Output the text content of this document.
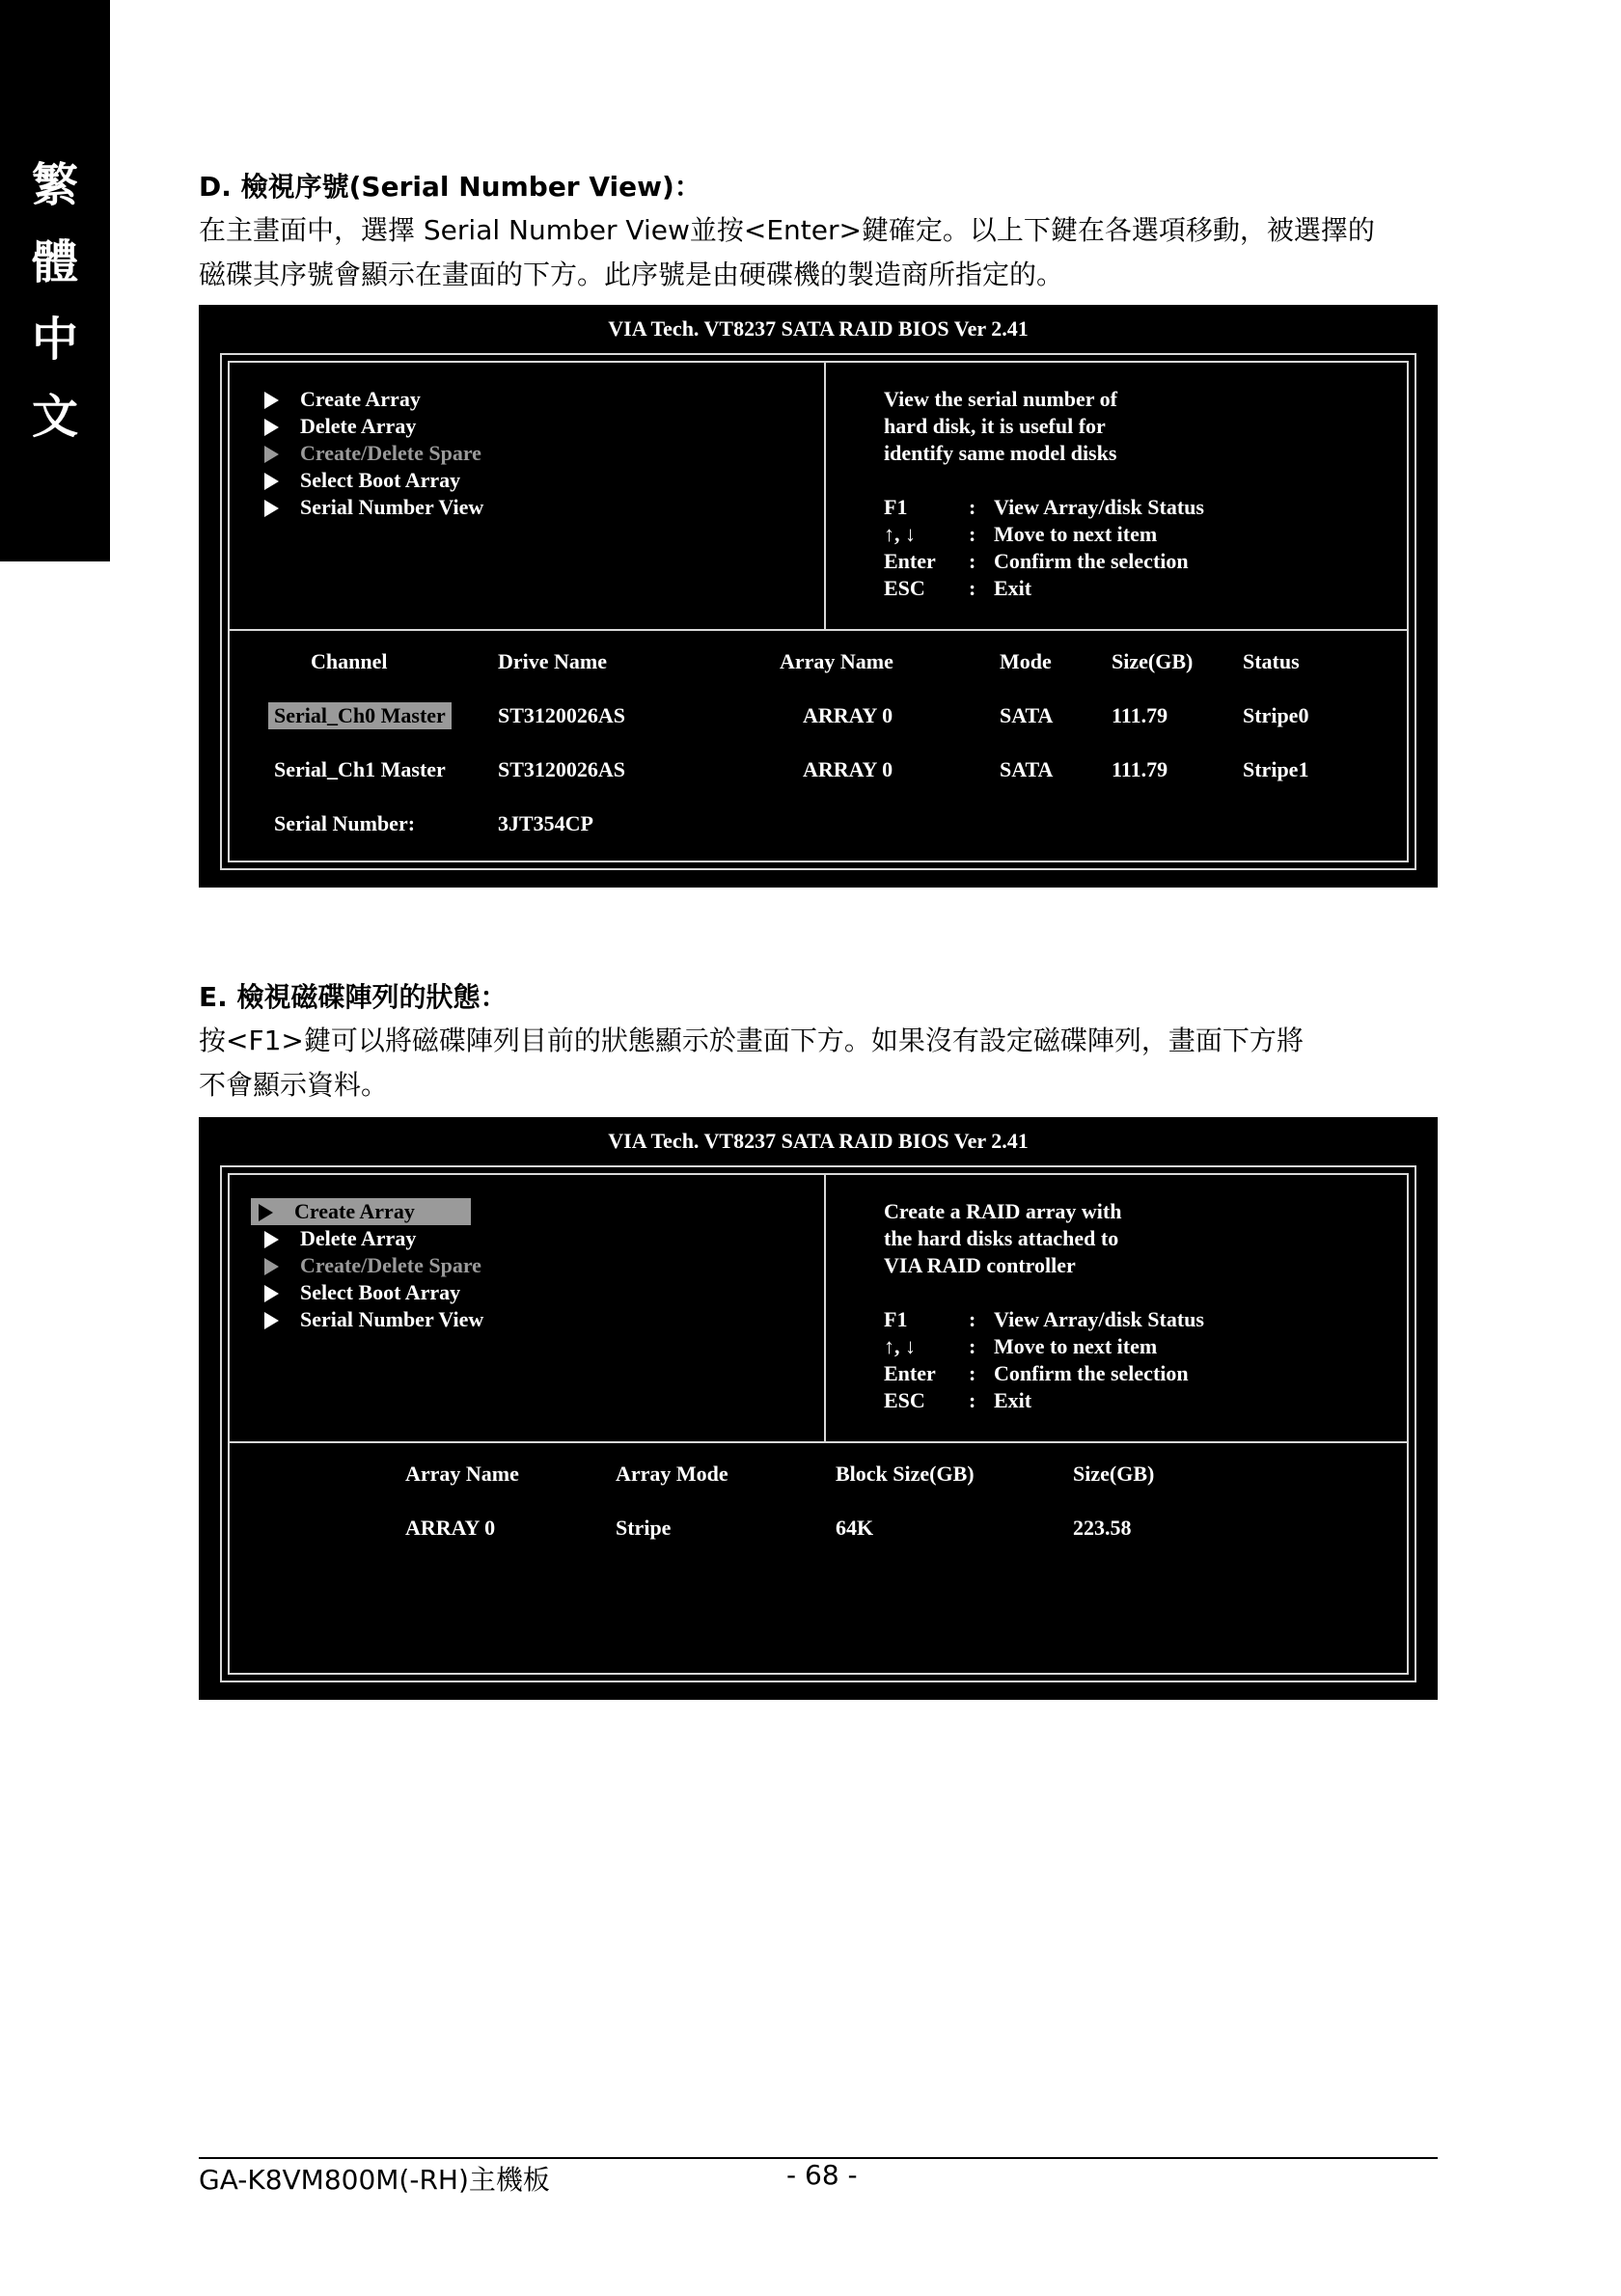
繁
體
中
文
D. 檢視序號(Serial Number View)：
在主畫面中，選擇 Serial Number View並按<Enter>鍵確定。以上下鍵在各選項移動，被選擇的
磁碟其序號會顯示在畫面的下方。此序號是由硬碟機的製造商所指定的。
VIA Tech. VT8237 SATA RAID BIOS Ver 2.41
Create Array
Delete Array
Create/Delete Spare
Select Boot Array
Serial Number View
View the serial number of
hard disk, it is useful for
identify same model disks
F1	: View Array/disk Status
↑, ↓	: Move to next item
Enter : Confirm the selection
ESC : Exit
Channel	Drive Name	Array Name	Mode	Size(GB) Status
Serial_Ch0 Master ST3120026AS	ARRAY 0	SATA	111.79	Stripe0
Serial_Ch1 Master ST3120026AS	ARRAY 0	SATA	111.79	Stripe1
Serial Number:	3JT354CP
E. 檢視磁碟陣列的狀態：
按<F1>鍵可以將磁碟陣列目前的狀態顯示於畫面下方。如果沒有設定磁碟陣列，畫面下方將
不會顯示資料。
VIA Tech. VT8237 SATA RAID BIOS Ver 2.41
Create Array
Delete Array
Create/Delete Spare
Select Boot Array
Serial Number View
Create a RAID array with
the hard disks attached to
VIA RAID controller
F1	: View Array/disk Status
↑, ↓	: Move to next item
Enter : Confirm the selection
ESC : Exit
Array Name	Array Mode	Block Size(GB)	Size(GB)
ARRAY 0	Stripe	64K	223.58
GA-K8VM800M(-RH)主機板	- 68 -
